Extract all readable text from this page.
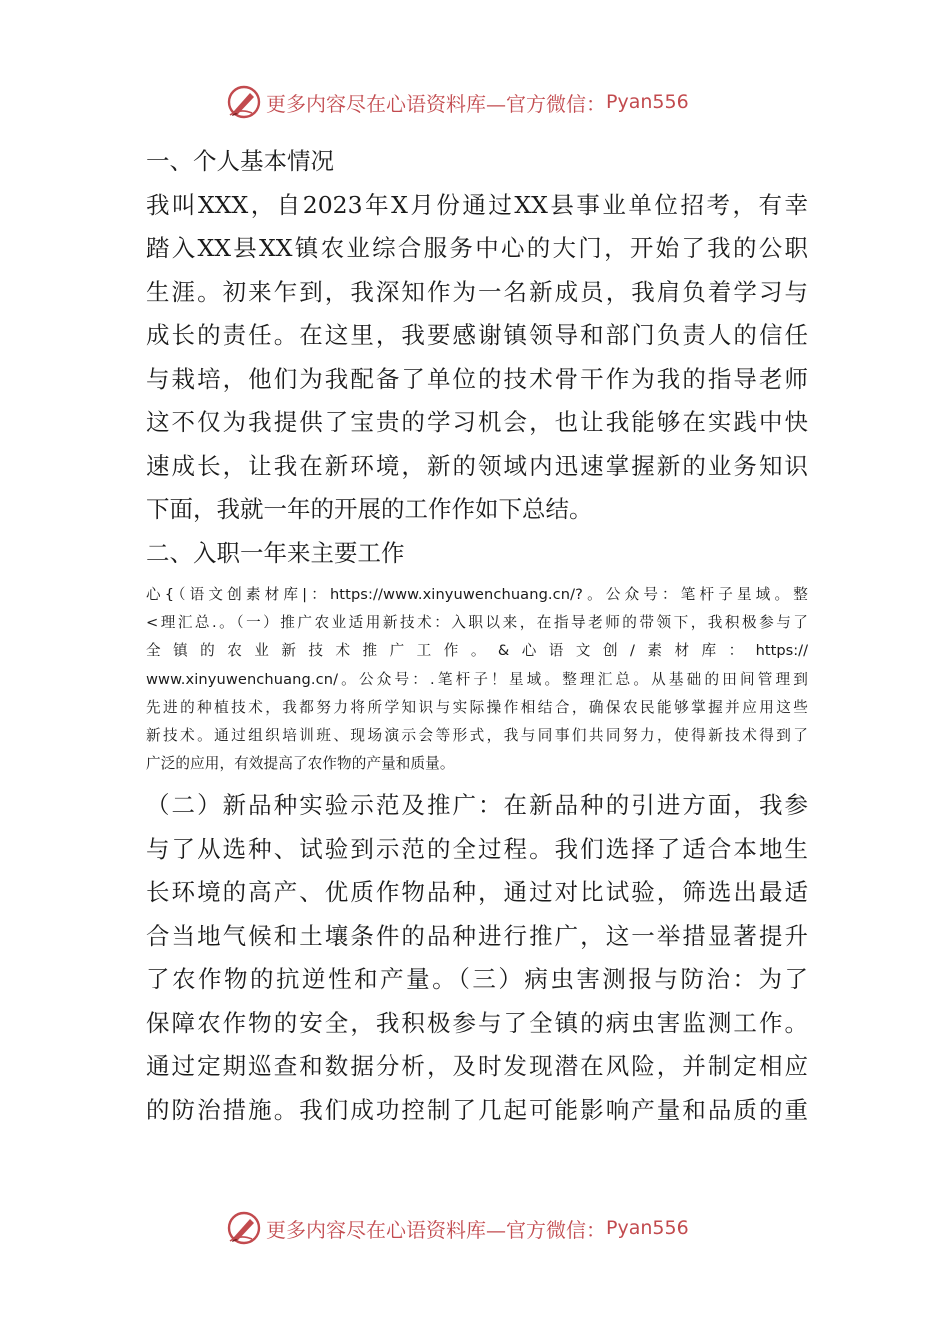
更多内容尽在心语资料库—官方微信： Pyan556
一、个人基本情况
我叫XXX，自2023年X月份通过XX县事业单位招考，有幸
踏入XX县XX镇农业综合服务中心的大门，开始了我的公职
生涯。初来乍到，我深知作为一名新成员，我肩负着学习与
成长的责任。在这里，我要感谢镇领导和部门负责人的信任
与栽培，他们为我配备了单位的技术骨干作为我的指导老师
这不仅为我提供了宝贵的学习机会，也让我能够在实践中快
速成长，让我在新环境，新的领域内迅速掌握新的业务知识
下面，我就一年的开展的工作作如下总结。
二、入职一年来主要工作
心{（语文创素材库|：https://www.xinyuwenchuang.cn/?。公众号：笔杆子星域。整
<理汇总.。（一）推广农业适用新技术：入职以来，在指导老师的带领下，我积极参与了
全镇的农业新技术推广工作。&心语文创/素材库：https://
www.xinyuwenchuang.cn/。公众号：.笔杆子！星域。整理汇总。从基础的田间管理到
先进的种植技术，我都努力将所学知识与实际操作相结合，确保农民能够掌握并应用这些
新技术。通过组织培训班、现场演示会等形式，我与同事们共同努力，使得新技术得到了
广泛的应用，有效提高了农作物的产量和质量。
（二）新品种实验示范及推广：在新品种的引进方面，我参
与了从选种、试验到示范的全过程。我们选择了适合本地生
长环境的高产、优质作物品种，通过对比试验，筛选出最适
合当地气候和土壤条件的品种进行推广，这一举措显著提升
了农作物的抗逆性和产量。（三）病虫害测报与防治：为了
保障农作物的安全，我积极参与了全镇的病虫害监测工作。
通过定期巡查和数据分析，及时发现潜在风险，并制定相应
的防治措施。我们成功控制了几起可能影响产量和品质的重
更多内容尽在心语资料库—官方微信： Pyan556
